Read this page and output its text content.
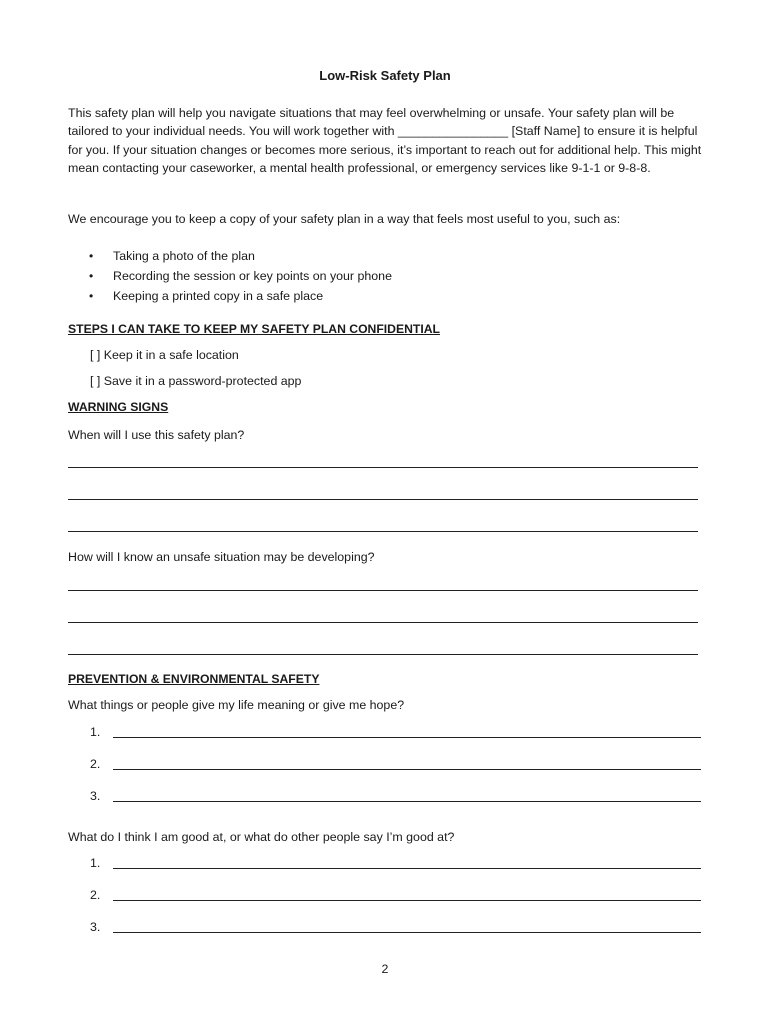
Low-Risk Safety Plan

This safety plan will help you navigate situations that may feel overwhelming or unsafe. Your safety plan will be tailored to your individual needs. You will work together with ________________ [Staff Name] to ensure it is helpful for you. If your situation changes or becomes more serious, it’s important to reach out for additional help. This might mean contacting your caseworker, a mental health professional, or emergency services like 9-1-1 or 9-8-8.

We encourage you to keep a copy of your safety plan in a way that feels most useful to you, such as:

• Taking a photo of the plan
• Recording the session or key points on your phone
• Keeping a printed copy in a safe place
STEPS I CAN TAKE TO KEEP MY SAFETY PLAN CONFIDENTIAL
[ ] Keep it in a safe location
[ ] Save it in a password-protected app
WARNING SIGNS
When will I use this safety plan?
How will I know an unsafe situation may be developing?
PREVENTION & ENVIRONMENTAL SAFETY
What things or people give my life meaning or give me hope?
1.
2.
3.
What do I think I am good at, or what do other people say I’m good at?
1.
2.
3.
2
